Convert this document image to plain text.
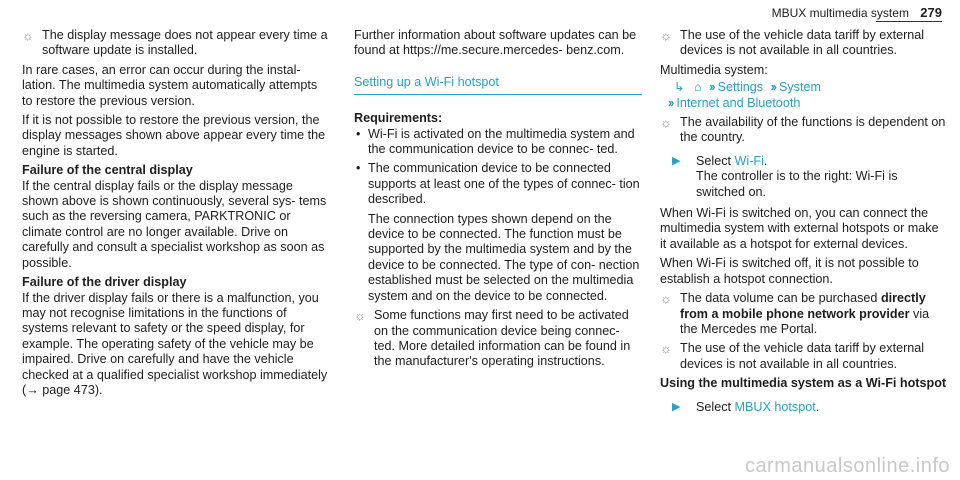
MBUX multimedia system 279
☼ The display message does not appear every time a software update is installed.

In rare cases, an error can occur during the instal- lation. The multimedia system automatically attempts to restore the previous version.

If it is not possible to restore the previous version, the display messages shown above appear every time the engine is started.

Failure of the central display

If the central display fails or the display message shown above is shown continuously, several sys- tems such as the reversing camera, PARKTRONIC or climate control are no longer available. Drive on carefully and consult a specialist workshop as soon as possible.

Failure of the driver display

If the driver display fails or there is a malfunction, you may not recognise limitations in the functions of systems relevant to safety or the speed display, for example. The operating safety of the vehicle may be impaired. Drive on carefully and have the vehicle checked at a qualified specialist workshop immediately (→ page 473).

Further information about software updates can be found at https://me.secure.mercedes- benz.com.

Setting up a Wi-Fi hotspot
Requirements:
• Wi-Fi is activated on the multimedia system and the communication device to be connec- ted.
• The communication device to be connected supports at least one of the types of connec- tion described.

The connection types shown depend on the device to be connected. The function must be supported by the multimedia system and by the device to be connected. The type of con- nection established must be selected on the multimedia system and on the device to be connected.

☼ Some functions may first need to be activated on the communication device being connec- ted. More detailed information can be found in the manufacturer's operating instructions.
☼ The use of the vehicle data tariff by external devices is not available in all countries.

Multimedia system:

↳ ⌂ ›› Settings ›› System
›› Internet and Bluetooth
☼ The availability of the functions is dependent on the country.
▶ Select Wi-Fi.
The controller is to the right: Wi-Fi is switched on.

When Wi-Fi is switched on, you can connect the multimedia system with external hotspots or make it available as a hotspot for external devices.

When Wi-Fi is switched off, it is not possible to establish a hotspot connection.

☼ The data volume can be purchased directly from a mobile phone network provider via the Mercedes me Portal.
☼ The use of the vehicle data tariff by external devices is not available in all countries.
Using the multimedia system as a Wi-Fi hotspot
▶ Select MBUX hotspot.
carmanualsonline.info
